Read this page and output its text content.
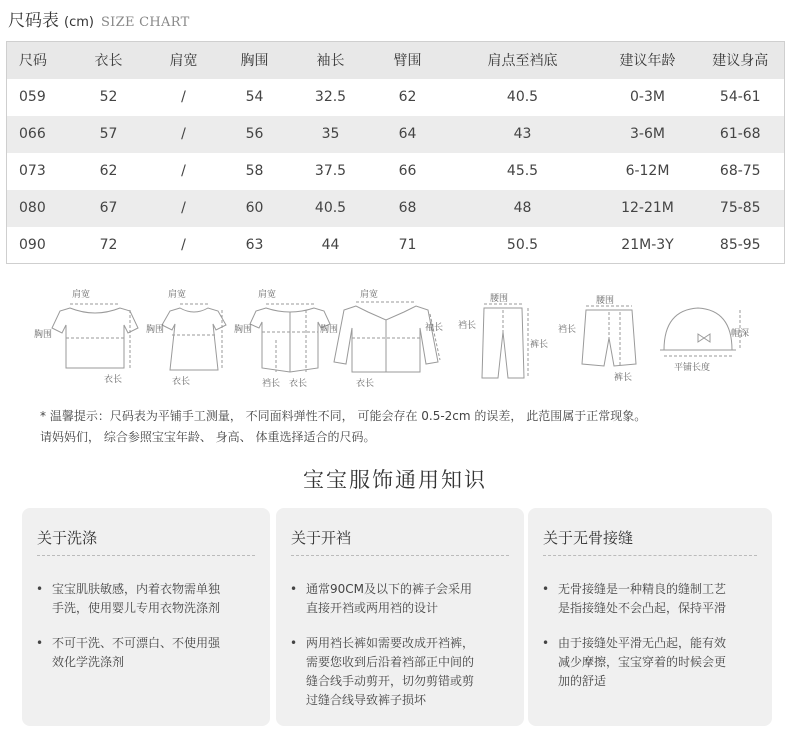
尺码表 (cm) SIZE CHART
尺码	衣长	肩宽	胸围	袖长	臂围	肩点至裆底	建议年龄	建议身高
059	52	/	54	32.5	62	40.5	0-3M	54-61
066	57	/	56	35	64	43	3-6M	61-68
073	62	/	58	37.5	66	45.5	6-12M	68-75
080	67	/	60	40.5	68	48	12-21M	75-85
090	72	/	63	44	71	50.5	21M-3Y	85-95
肩宽
胸围
衣长
肩宽
胸围
衣长
肩宽
胸围
裆长 衣长
肩宽
胸围	袖长
衣长
腰围
裆长
裤长
腰围
裆长
裤长
帽深
平铺长度
* 温馨提示：尺码表为平铺手工测量， 不同面料弹性不同， 可能会存在 0.5-2cm 的误差， 此范围属于正常现象。
请妈妈们， 综合参照宝宝年龄、 身高、 体重选择适合的尺码。
宝宝服饰通用知识
关于洗涤
• 宝宝肌肤敏感，内着衣物需单独
手洗，使用婴儿专用衣物洗涤剂
• 不可干洗、不可漂白、不使用强
效化学洗涤剂
关于开裆
• 通常90CM及以下的裤子会采用
直接开裆或两用裆的设计
• 两用裆长裤如需要改成开裆裤，
需要您收到后沿着裆部正中间的
缝合线手动剪开，切勿剪错或剪
过缝合线导致裤子损坏
关于无骨接缝
• 无骨接缝是一种精良的缝制工艺
是指接缝处不会凸起，保持平滑
• 由于接缝处平滑无凸起，能有效
减少摩擦，宝宝穿着的时候会更
加的舒适
